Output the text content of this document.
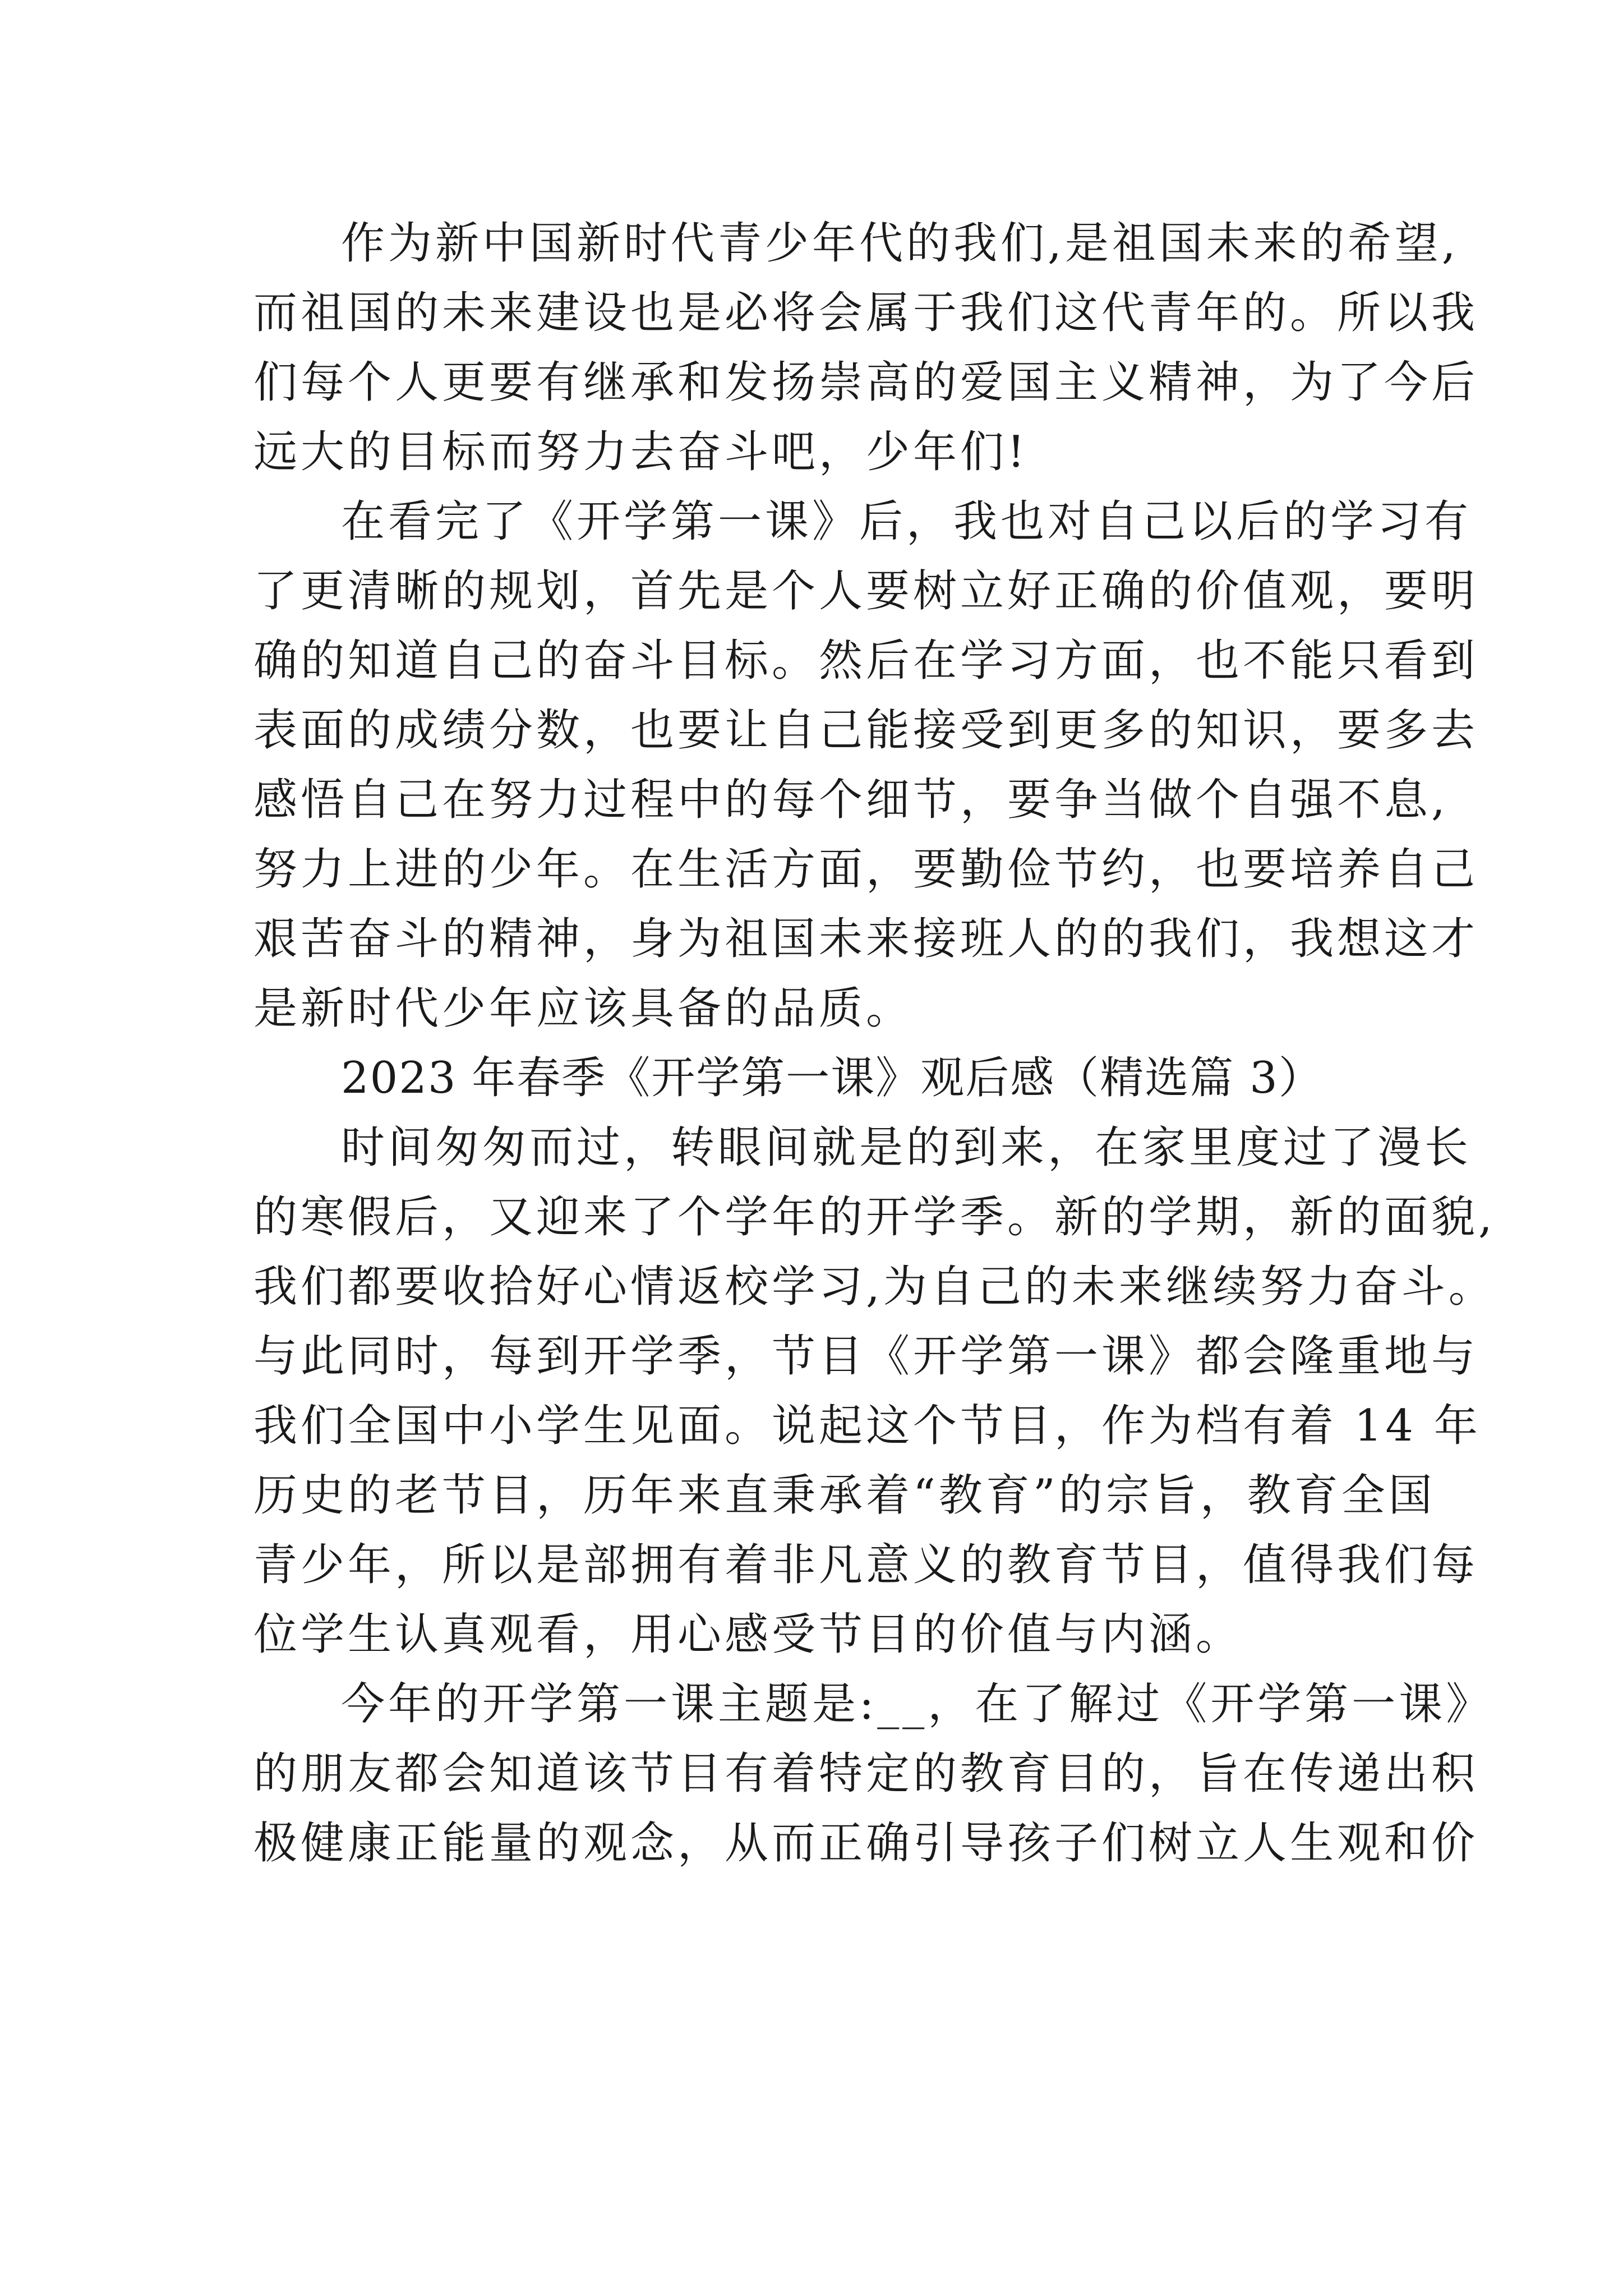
作为新中国新时代青少年代的我们,是祖国未来的希望,
而祖国的未来建设也是必将会属于我们这代青年的。所以我
们每个人更要有继承和发扬崇高的爱国主义精神，为了今后
远大的目标而努力去奋斗吧，少年们!
在看完了《开学第一课》后，我也对自己以后的学习有
了更清晰的规划，首先是个人要树立好正确的价值观，要明
确的知道自己的奋斗目标。然后在学习方面，也不能只看到
表面的成绩分数，也要让自己能接受到更多的知识，要多去
感悟自己在努力过程中的每个细节，要争当做个自强不息,
努力上进的少年。在生活方面，要勤俭节约，也要培养自己
艰苦奋斗的精神，身为祖国未来接班人的的我们，我想这才
是新时代少年应该具备的品质。
2023 年春季《开学第一课》观后感（精选篇 3）
时间匆匆而过，转眼间就是的到来，在家里度过了漫长
的寒假后，又迎来了个学年的开学季。新的学期，新的面貌,
我们都要收拾好心情返校学习,为自己的未来继续努力奋斗。
与此同时，每到开学季，节目《开学第一课》都会隆重地与
我们全国中小学生见面。说起这个节目，作为档有着 14 年
历史的老节目，历年来直秉承着“教育”的宗旨，教育全国
青少年，所以是部拥有着非凡意义的教育节目，值得我们每
位学生认真观看，用心感受节目的价值与内涵。
今年的开学第一课主题是:__，在了解过《开学第一课》
的朋友都会知道该节目有着特定的教育目的，旨在传递出积
极健康正能量的观念，从而正确引导孩子们树立人生观和价
